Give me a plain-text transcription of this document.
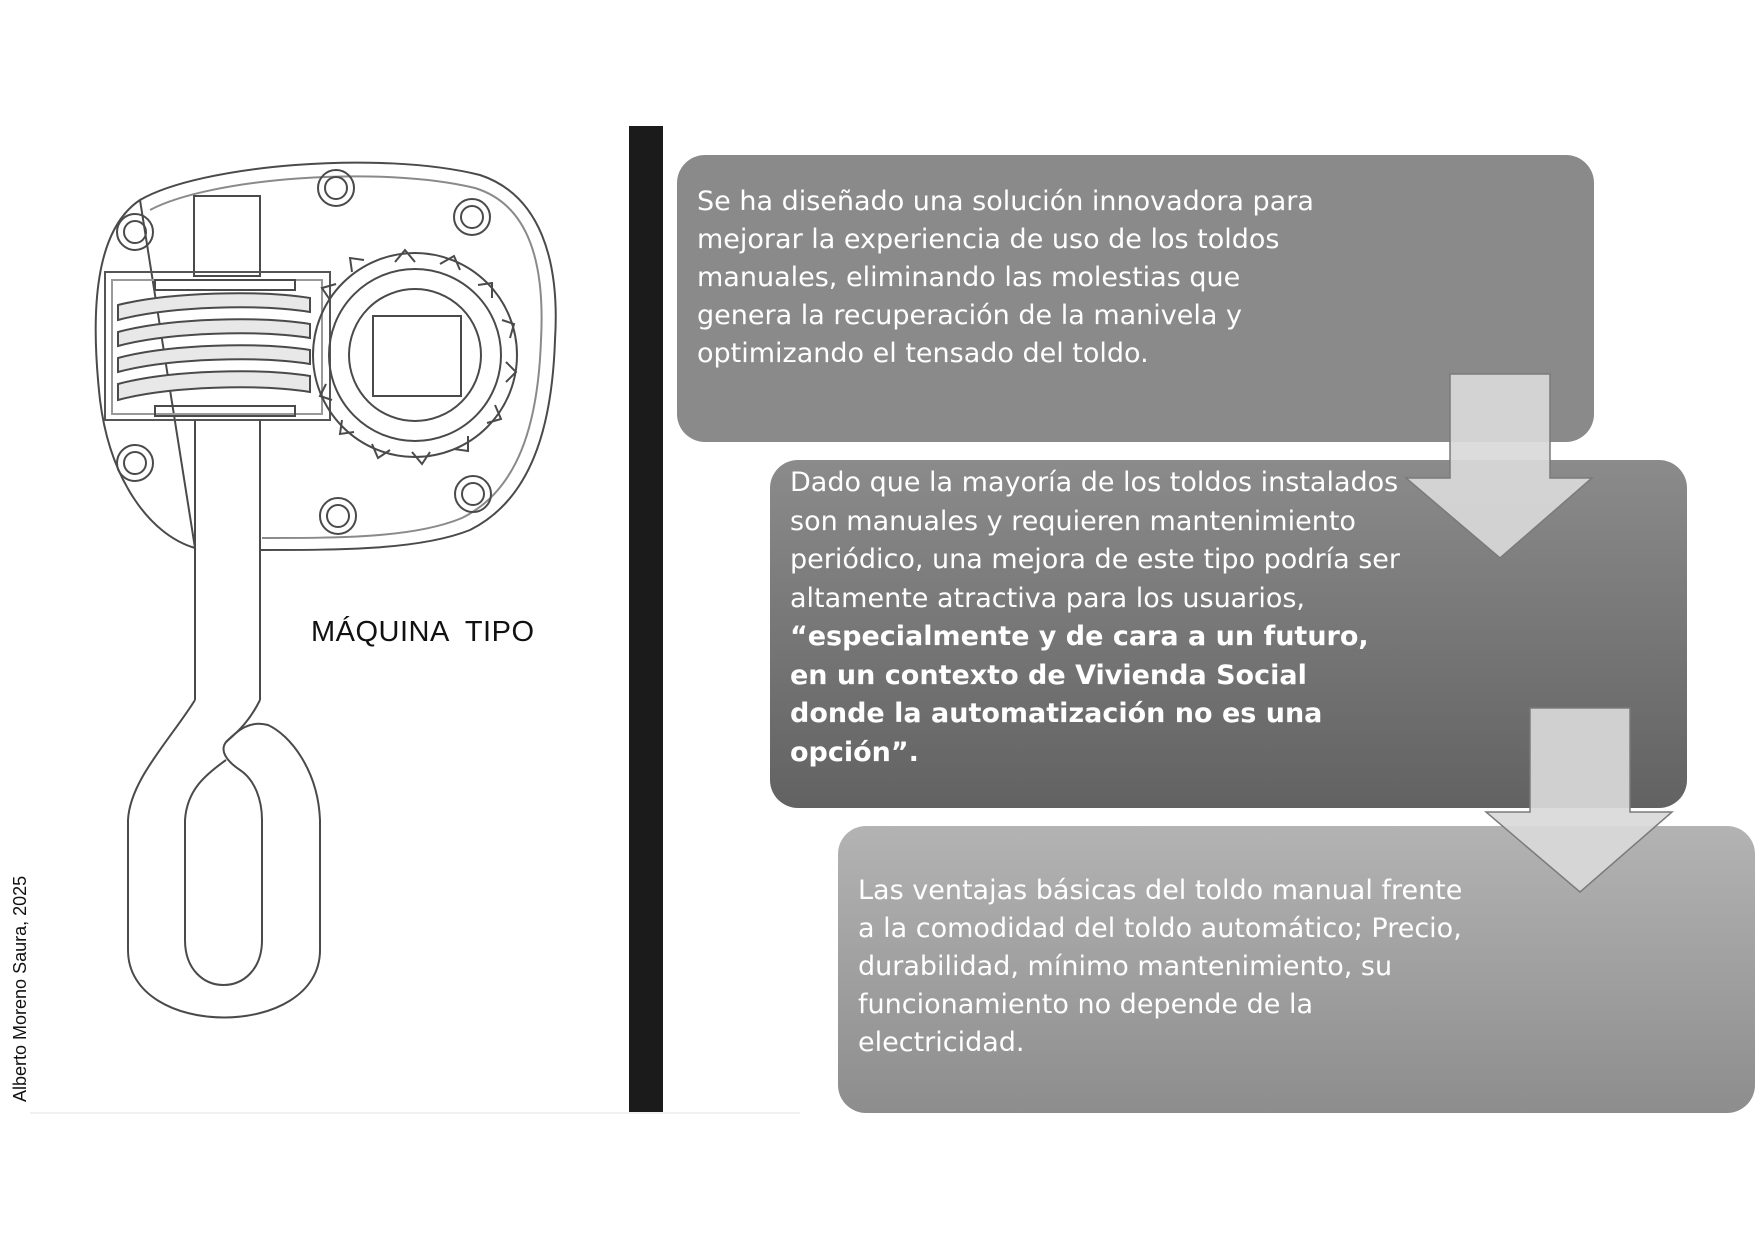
MÁQUINA  TIPO
Alberto Moreno Saura, 2025

Se ha diseñado una solución innovadora para mejorar la experiencia de uso de los toldos manuales, eliminando las molestias que genera la recuperación de la manivela y optimizando el tensado del toldo.

Dado que la mayoría de los toldos instalados son manuales y requieren mantenimiento periódico, una mejora de este tipo podría ser altamente atractiva para los usuarios, “especialmente y de cara a un futuro, en un contexto de Vivienda Social donde la automatización no es una opción”.

Las ventajas básicas del toldo manual frente a la comodidad del toldo automático; Precio, durabilidad, mínimo mantenimiento, su funcionamiento no depende de la electricidad.
